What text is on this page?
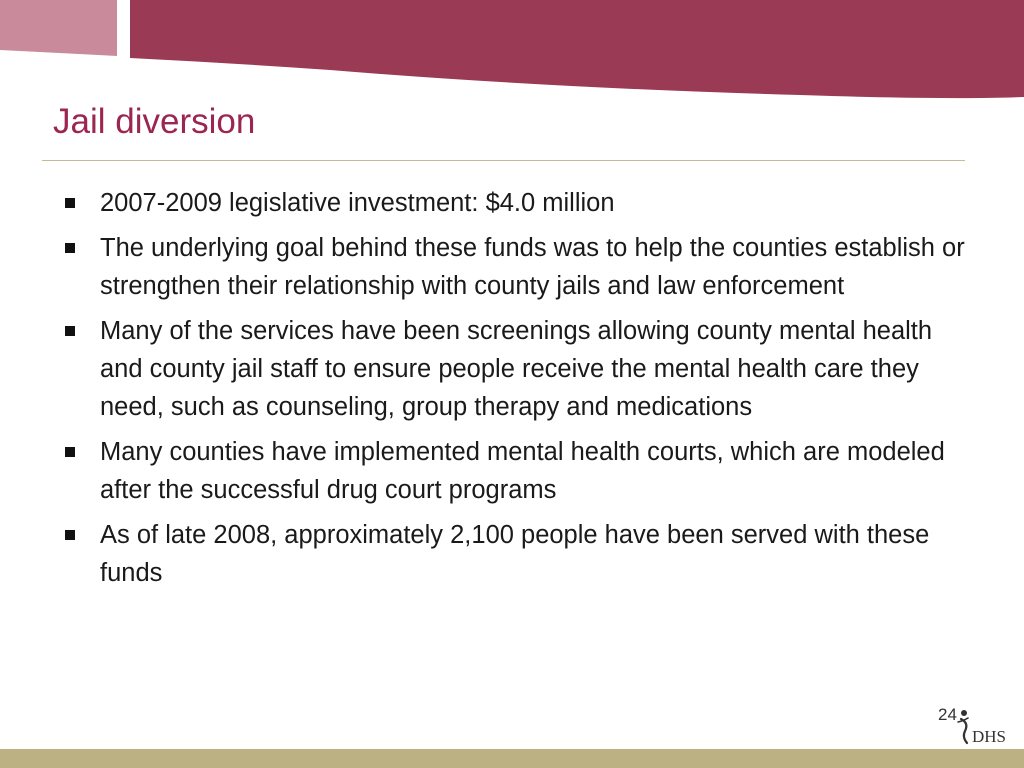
Jail diversion
2007-2009 legislative investment: $4.0 million
The underlying goal behind these funds was to help the counties establish or strengthen their relationship with county jails and law enforcement
Many of the services have been screenings allowing county mental health and county jail staff to ensure people receive the mental health care they need, such as counseling, group therapy and medications
Many counties have implemented mental health courts, which are modeled after the successful drug court programs
As of late 2008, approximately 2,100 people have been served with these funds
24
DHS
